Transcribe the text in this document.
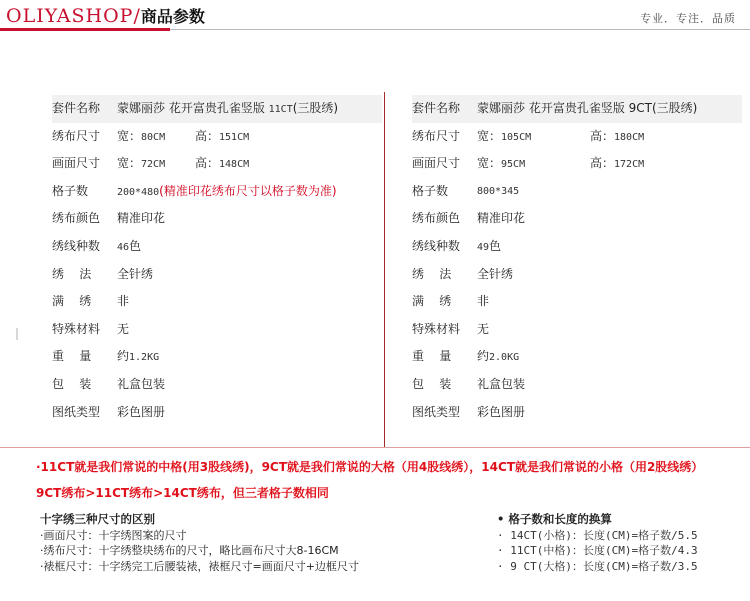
OLIYASHOP/商品参数	专业．专注．品质
套件名称	蒙娜丽莎 花开富贵孔雀竖版 11CT(三股绣)
绣布尺寸	宽：80CM 高：151CM
画面尺寸	宽：72CM 高：148CM
格子数	200*480(精准印花绣布尺寸以格子数为准)
绣布颜色	精准印花
绣线种数	46色
绣    法	全针绣
满    绣	非
特殊材料	无
重    量	约1.2KG
包    装	礼盒包装
图纸类型	彩色图册
套件名称	蒙娜丽莎 花开富贵孔雀竖版 9CT(三股绣)
绣布尺寸	宽：105CM	高：180CM
画面尺寸	宽：95CM	高：172CM
格子数	800*345
绣布颜色	精准印花
绣线种数	49色
绣    法	全针绣
满    绣	非
特殊材料	无
重    量	约2.0KG
包    装	礼盒包装
图纸类型	彩色图册
·11CT就是我们常说的中格(用3股线绣)，9CT就是我们常说的大格（用4股线绣），14CT就是我们常说的小格（用2股线绣）
9CT绣布>11CT绣布>14CT绣布，但三者格子数相同
十字绣三种尺寸的区别
·画面尺寸：十字绣图案的尺寸
·绣布尺寸：十字绣整块绣布的尺寸，略比画布尺寸大8-16CM
·裱框尺寸：十字绣完工后腰装裱，裱框尺寸=画面尺寸+边框尺寸
• 格子数和长度的换算
· 14CT(小格)：长度(CM)=格子数/5.5
· 11CT(中格)：长度(CM)=格子数/4.3
· 9 CT(大格)：长度(CM)=格子数/3.5
